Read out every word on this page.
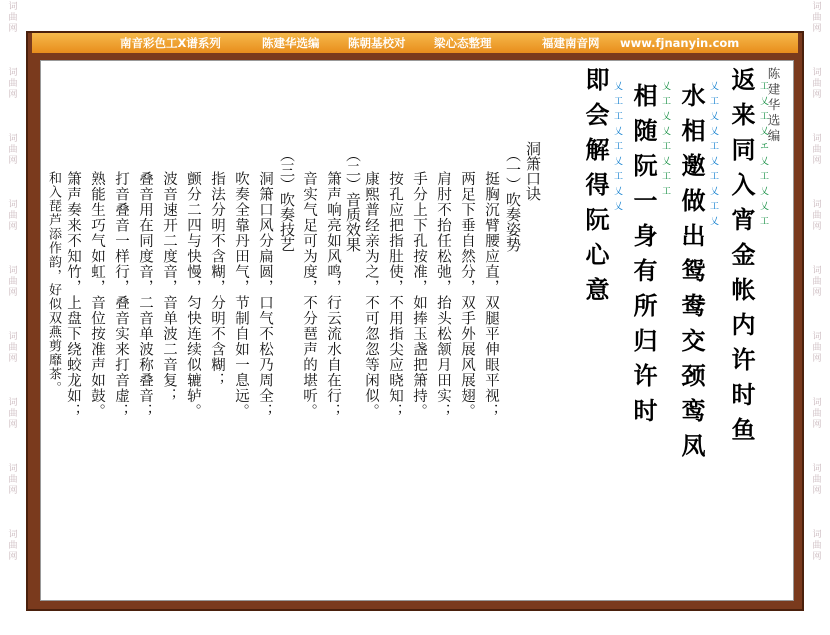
词
曲
网
词
曲
网
词
曲
网
词
曲
网
词
曲
网
词
曲
网
词
曲
网
词
曲
网
词
曲
网
词
曲
网
词
曲
网
词
曲
网
词
曲
网
词
曲
网
词
曲
网
词
曲
网
词
曲
网
词
曲
网
南音彩色工X谱系列	陈建华选编 陈朝基校对 梁心态整理	福建南音网 www.fjnanyin.com
洞箫口诀
（一）吹奏姿势
挺胸沉臂腰应直，双腿平伸眼平视；
两足下垂自然分，双手外展风展翅。
肩肘不抬任松弛，抬头松颔月田实；
手分上下孔按准，如捧玉盏把箫持。
（二）音质效果 按孔应把指肚使，不用指尖应晓知；
康熙普经亲为之，不可忽忽等闲似。
箫声响亮如风鸣，行云流水自在行；
音实气足可为度，不分琶声的堪听。
（三）吹奏技艺
洞箫口风分扁圆，口气不松乃周全；
吹奏全靠丹田气，节制自如一息远。
指法分明不含糊，分明不含糊；
颤分二四与快慢，匀快连续似辘轳。
波音速开二度音，音单波二音复；
叠音用在同度音，二音单波称叠音；
打音叠音一样行，叠音实来打音虚；
熟能生巧气如虹，音位按准声如鼓。
箫声奏来不知竹，上盘下绕蛟龙如；
和入琵芦添作韵，好似双燕剪靡茶。	返来同入宵金帐内许时鱼 工乂工乂エ乂工乂乂工
水相邀做出鸳鸯交颈鸾凤 乂工乂乂工乂工乂工乂
相随阮一身有所归许时 乂工乂乂工乂工工
即会解得阮心意 乂工工乂工乂工乂乂	陈建华选编
